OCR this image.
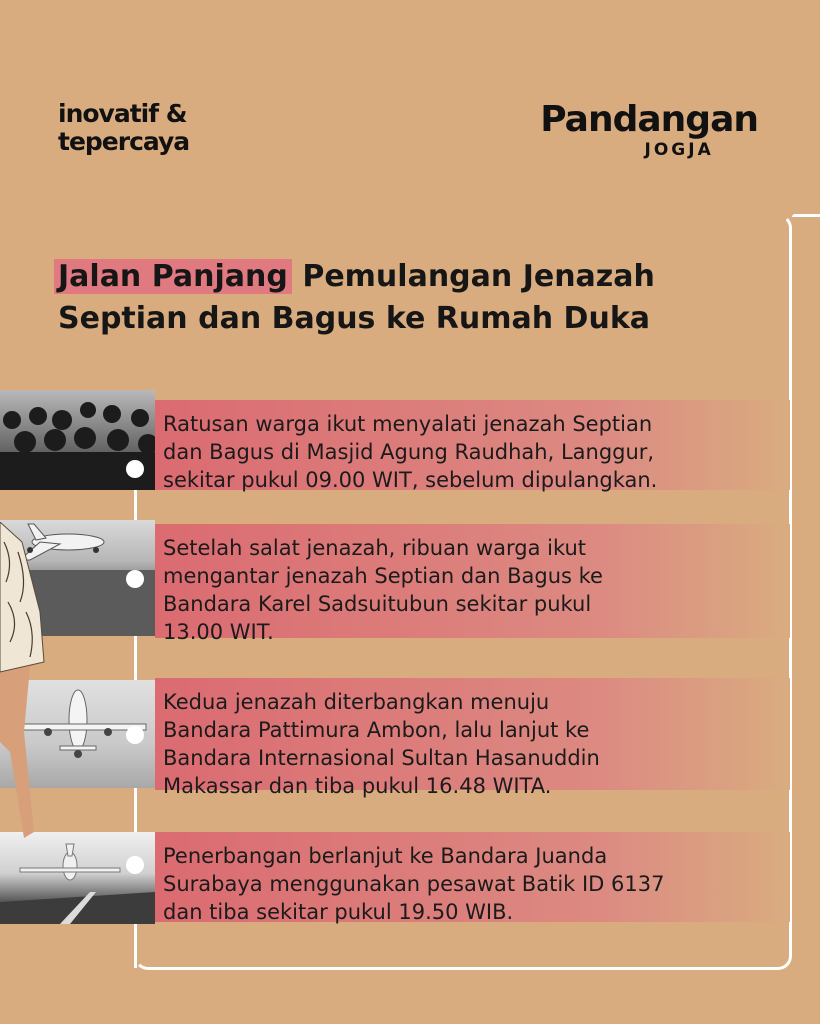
inovatif &
tepercaya
Pandangan
JOGJA
Jalan Panjang Pemulangan Jenazah
Septian dan Bagus ke Rumah Duka
Ratusan warga ikut menyalati jenazah Septian
dan Bagus di Masjid Agung Raudhah, Langgur,
sekitar pukul 09.00 WIT, sebelum dipulangkan.
Setelah salat jenazah, ribuan warga ikut
mengantar jenazah Septian dan Bagus ke
Bandara Karel Sadsuitubun sekitar pukul
13.00 WIT.
Kedua jenazah diterbangkan menuju
Bandara Pattimura Ambon, lalu lanjut ke
Bandara Internasional Sultan Hasanuddin
Makassar dan tiba pukul 16.48 WITA.
Penerbangan berlanjut ke Bandara Juanda
Surabaya menggunakan pesawat Batik ID 6137
dan tiba sekitar pukul 19.50 WIB.
